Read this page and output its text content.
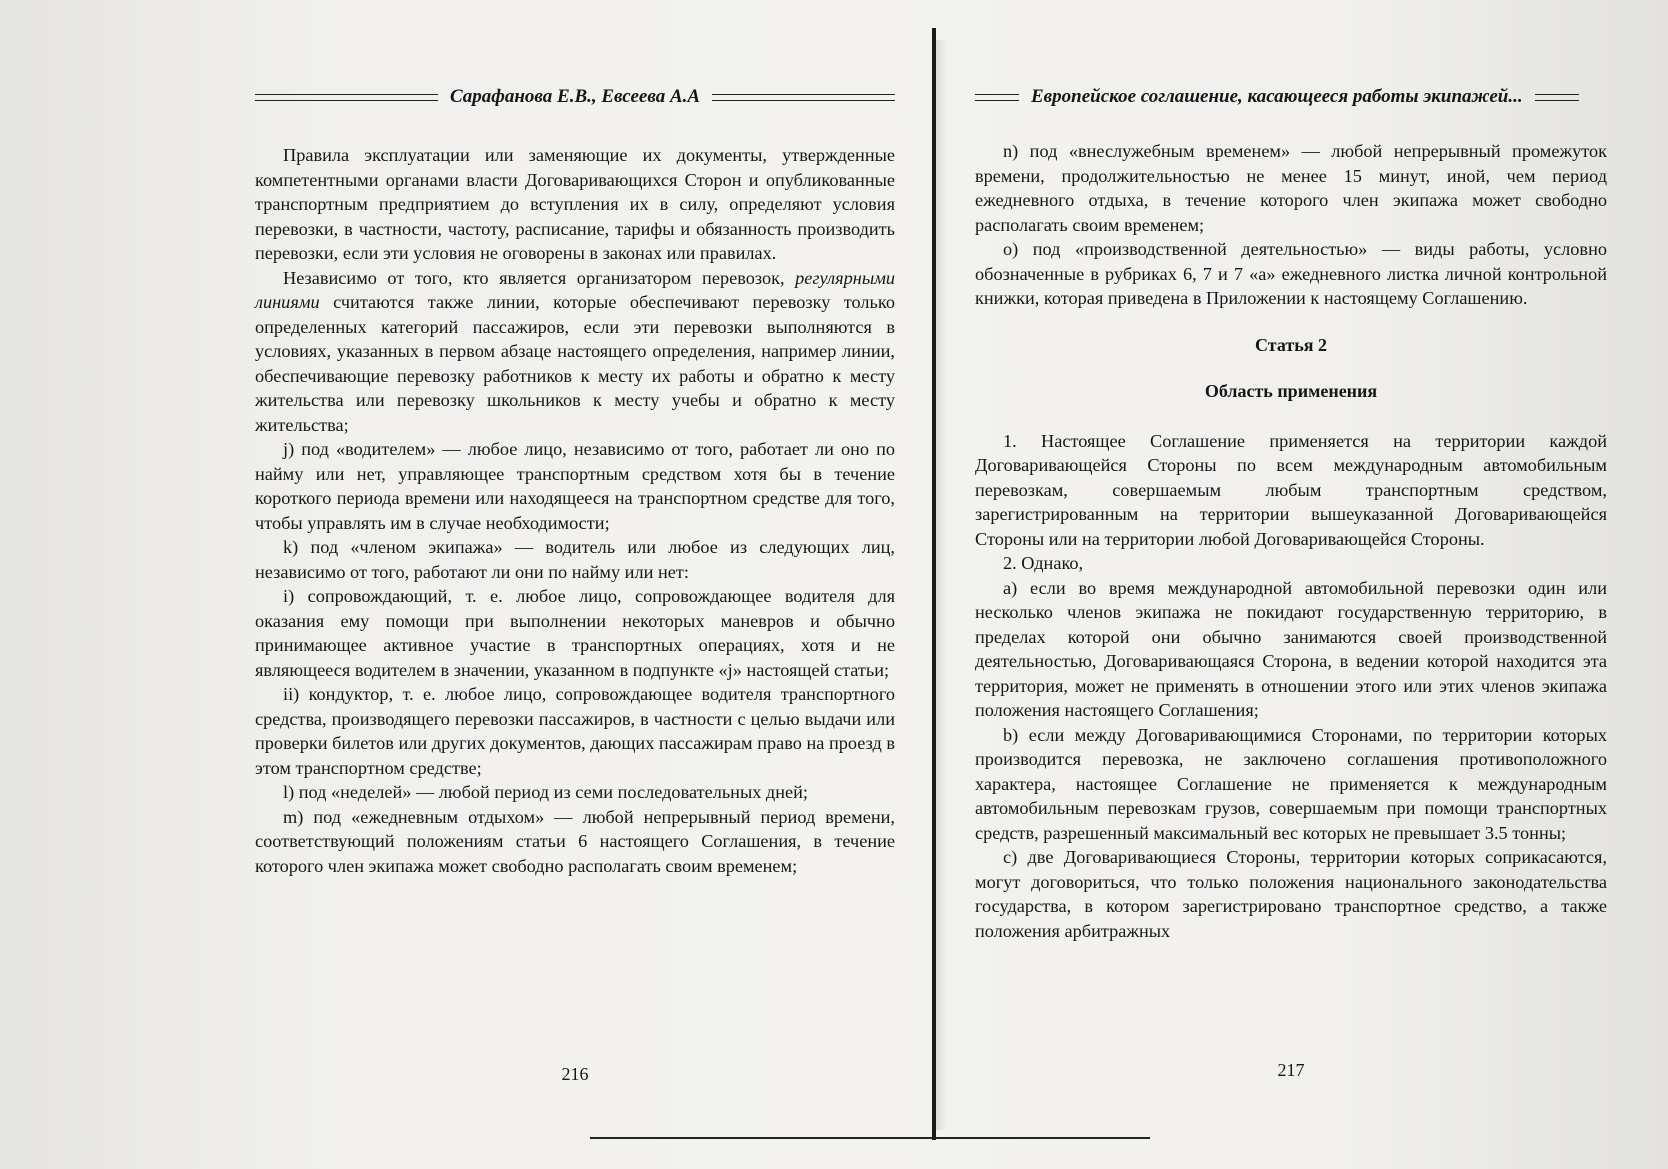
Сарафанова Е.В., Евсеева А.А

Правила эксплуатации или заменяющие их документы, утвержденные компетентными органами власти Договаривающихся Сторон и опубликованные транспортным предприятием до вступления их в силу, определяют условия перевозки, в частности, частоту, расписание, тарифы и обязанность производить перевозки, если эти условия не оговорены в законах или правилах.

Независимо от того, кто является организатором перевозок, регулярными линиями считаются также линии, которые обеспечивают перевозку только определенных категорий пассажиров, если эти перевозки выполняются в условиях, указанных в первом абзаце настоящего определения, например линии, обеспечивающие перевозку работников к месту их работы и обратно к месту жительства или перевозку школьников к месту учебы и обратно к месту жительства;

j) под «водителем» — любое лицо, независимо от того, работает ли оно по найму или нет, управляющее транспортным средством хотя бы в течение короткого периода времени или находящееся на транспортном средстве для того, чтобы управлять им в случае необходимости;

k) под «членом экипажа» — водитель или любое из следующих лиц, независимо от того, работают ли они по найму или нет:

i) сопровождающий, т. е. любое лицо, сопровождающее водителя для оказания ему помощи при выполнении некоторых маневров и обычно принимающее активное участие в транспортных операциях, хотя и не являющееся водителем в значении, указанном в подпункте «j» настоящей статьи;

ii) кондуктор, т. е. любое лицо, сопровождающее водителя транспортного средства, производящего перевозки пассажиров, в частности с целью выдачи или проверки билетов или других документов, дающих пассажирам право на проезд в этом транспортном средстве;

l) под «неделей» — любой период из семи последовательных дней;

m) под «ежедневным отдыхом» — любой непрерывный период времени, соответствующий положениям статьи 6 настоящего Соглашения, в течение которого член экипажа может свободно располагать своим временем;

216
Европейское соглашение, касающееся работы экипажей...

n) под «внеслужебным временем» — любой непрерывный промежуток времени, продолжительностью не менее 15 минут, иной, чем период ежедневного отдыха, в течение которого член экипажа может свободно располагать своим временем;

o) под «производственной деятельностью» — виды работы, условно обозначенные в рубриках 6, 7 и 7 «а» ежедневного листка личной контрольной книжки, которая приведена в Приложении к настоящему Соглашению.

Статья 2

Область применения

1. Настоящее Соглашение применяется на территории каждой Договаривающейся Стороны по всем международным автомобильным перевозкам, совершаемым любым транспортным средством, зарегистрированным на территории вышеуказанной Договаривающейся Стороны или на территории любой Договаривающейся Стороны.

2. Однако,

a) если во время международной автомобильной перевозки один или несколько членов экипажа не покидают государственную территорию, в пределах которой они обычно занимаются своей производственной деятельностью, Договаривающаяся Сторона, в ведении которой находится эта территория, может не применять в отношении этого или этих членов экипажа положения настоящего Соглашения;

b) если между Договаривающимися Сторонами, по территории которых производится перевозка, не заключено соглашения противоположного характера, настоящее Соглашение не применяется к международным автомобильным перевозкам грузов, совершаемым при помощи транспортных средств, разрешенный максимальный вес которых не превышает 3.5 тонны;

c) две Договаривающиеся Стороны, территории которых соприкасаются, могут договориться, что только положения национального законодательства государства, в котором зарегистрировано транспортное средство, а также положения арбитражных

217
